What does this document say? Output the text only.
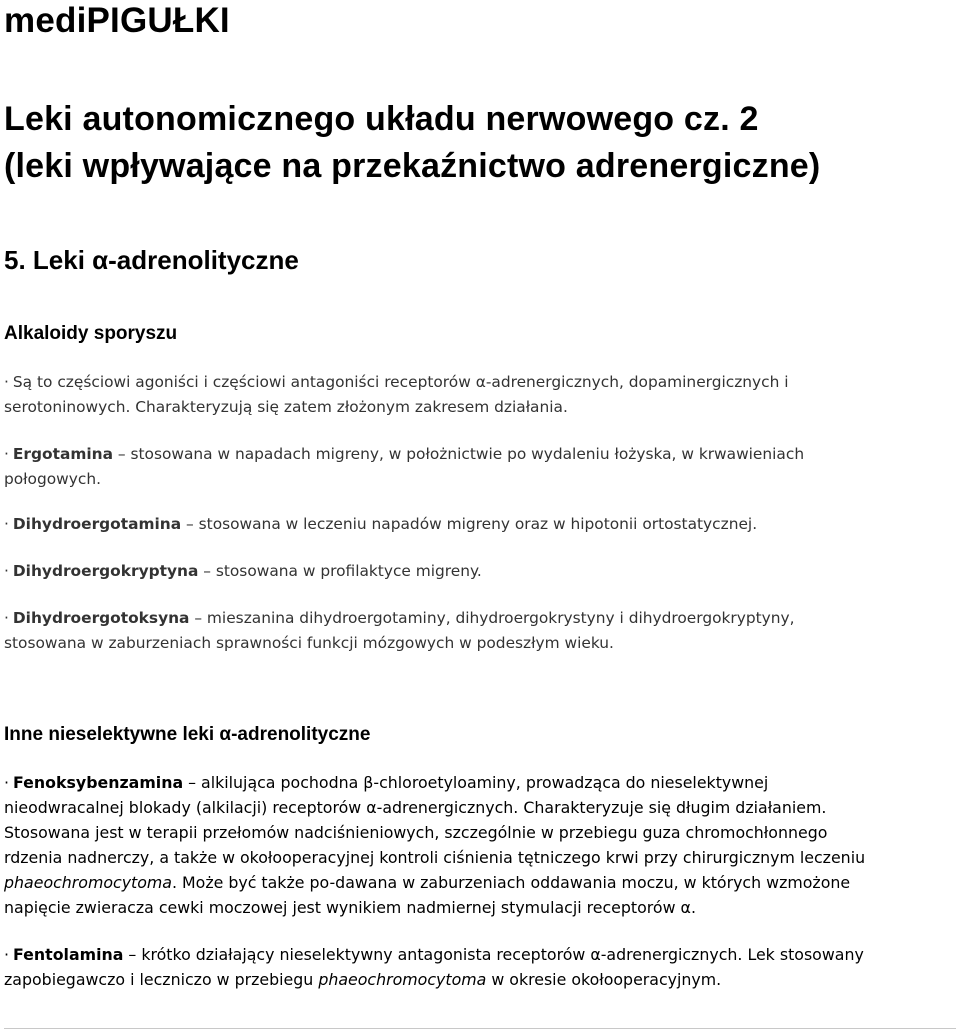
mediPIGUŁKI
Leki autonomicznego układu nerwowego cz. 2
(leki wpływające na przekaźnictwo adrenergiczne)
5. Leki α-adrenolityczne
Alkaloidy sporyszu

· Są to częściowi agoniści i częściowi antagoniści receptorów α-adrenergicznych, dopaminergicznych i
serotoninowych. Charakteryzują się zatem złożonym zakresem działania.

· Ergotamina – stosowana w napadach migreny, w położnictwie po wydaleniu łożyska, w krwawieniach
połogowych.

· Dihydroergotamina – stosowana w leczeniu napadów migreny oraz w hipotonii ortostatycznej.

· Dihydroergokryptyna – stosowana w profilaktyce migreny.

· Dihydroergotoksyna – mieszanina dihydroergotaminy, dihydroergokrystyny i dihydroergokryptyny,
stosowana w zaburzeniach sprawności funkcji mózgowych w podeszłym wieku.

Inne nieselektywne leki α-adrenolityczne

· Fenoksybenzamina – alkilująca pochodna β-chloroetyloaminy, prowadząca do nieselektywnej
nieodwracalnej blokady (alkilacji) receptorów α-adrenergicznych. Charakteryzuje się długim działaniem.
Stosowana jest w terapii przełomów nadciśnieniowych, szczególnie w przebiegu guza chromochłonnego
rdzenia nadnerczy, a także w okołooperacyjnej kontroli ciśnienia tętniczego krwi przy chirurgicznym leczeniu
phaeochromocytoma. Może być także po-dawana w zaburzeniach oddawania moczu, w których wzmożone
napięcie zwieracza cewki moczowej jest wynikiem nadmiernej stymulacji receptorów α.

· Fentolamina – krótko działający nieselektywny antagonista receptorów α-adrenergicznych. Lek stosowany
zapobiegawczo i leczniczo w przebiegu phaeochromocytoma w okresie okołooperacyjnym.
